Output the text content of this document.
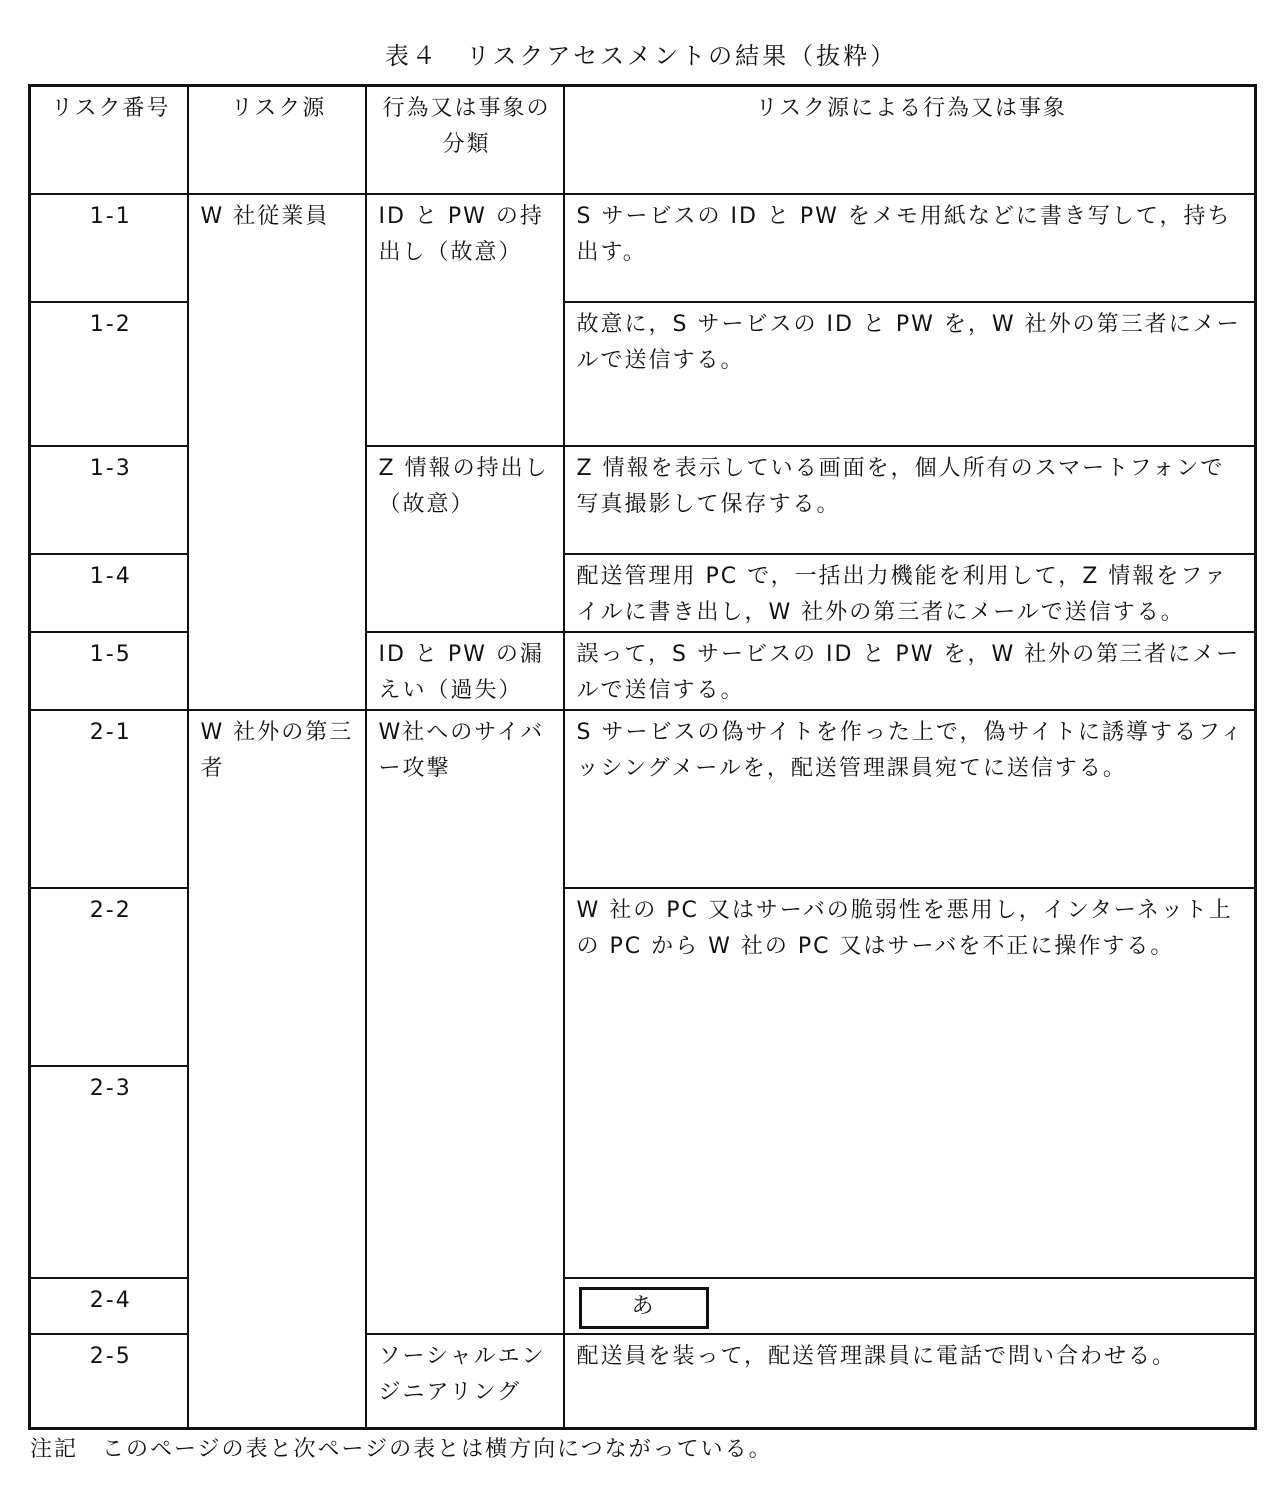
表４　リスクアセスメントの結果（抜粋）
リスク番号	リスク源	行為又は事象の分類	リスク源による行為又は事象
1-1	W 社従業員	ID と PW の持出し（故意）	S サービスの ID と PW をメモ用紙などに書き写して，持ち出す。
1-2			故意に，S サービスの ID と PW を，W 社外の第三者にメールで送信する。
1-3		Z 情報の持出し（故意）	Z 情報を表示している画面を，個人所有のスマートフォンで写真撮影して保存する。
1-4			配送管理用 PC で，一括出力機能を利用して，Z 情報をファイルに書き出し，W 社外の第三者にメールで送信する。
1-5		ID と PW の漏えい（過失）	誤って，S サービスの ID と PW を，W 社外の第三者にメールで送信する。
2-1	W 社外の第三者	W社へのサイバー攻撃	S サービスの偽サイトを作った上で，偽サイトに誘導するフィッシングメールを，配送管理課員宛てに送信する。
2-2			W 社の PC 又はサーバの脆弱性を悪用し，インターネット上の PC から W 社の PC 又はサーバを不正に操作する。
2-3			
2-4			あ
2-5		ソーシャルエンジニアリング	配送員を装って，配送管理課員に電話で問い合わせる。
注記　このページの表と次ページの表とは横方向につながっている。
